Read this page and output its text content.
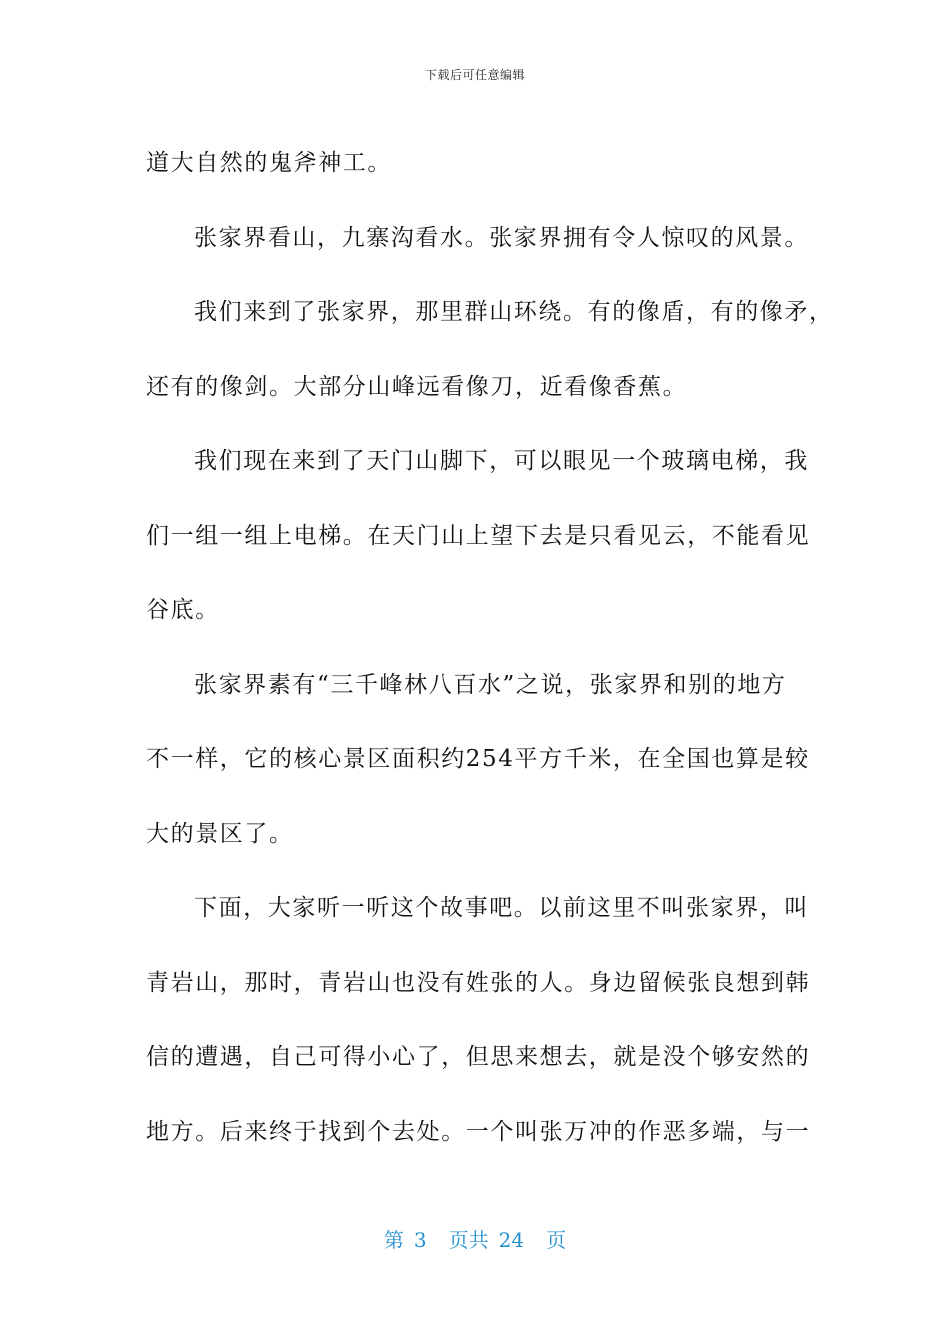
下载后可任意编辑

道大自然的鬼斧神工。

张家界看山，九寨沟看水。张家界拥有令人惊叹的风景。

我们来到了张家界，那里群山环绕。有的像盾，有的像矛，

还有的像剑。大部分山峰远看像刀，近看像香蕉。

我们现在来到了天门山脚下，可以眼见一个玻璃电梯，我

们一组一组上电梯。在天门山上望下去是只看见云，不能看见

谷底。

张家界素有“三千峰林八百水”之说，张家界和别的地方

不一样，它的核心景区面积约254平方千米，在全国也算是较

大的景区了。

下面，大家听一听这个故事吧。以前这里不叫张家界，叫

青岩山，那时，青岩山也没有姓张的人。身边留候张良想到韩

信的遭遇，自己可得小心了，但思来想去，就是没个够安然的

地方。后来终于找到个去处。一个叫张万冲的作恶多端，与一

第 3 页共 24 页
